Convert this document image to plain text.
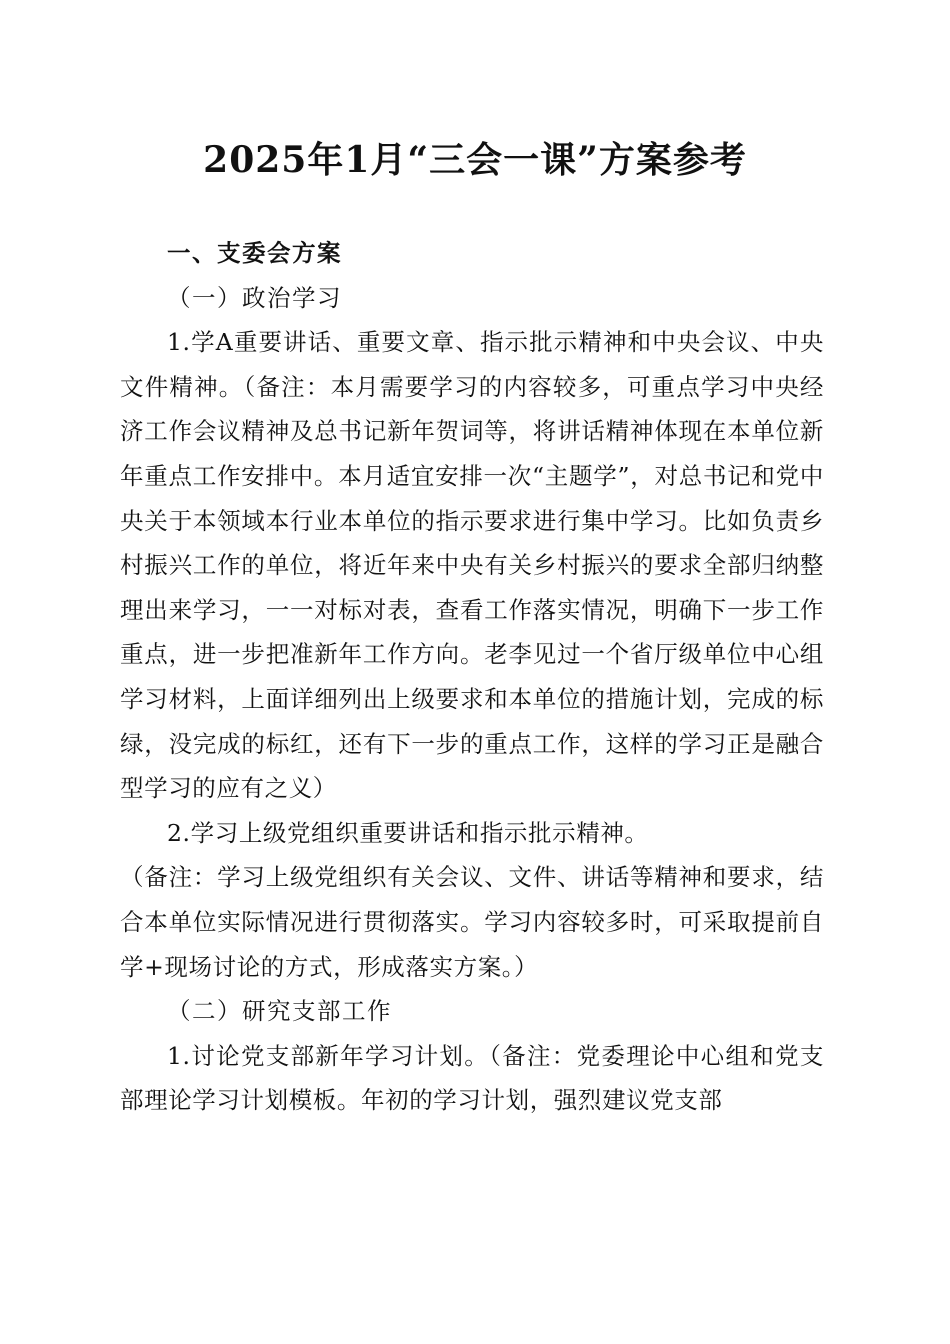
2025年1月“三会一课”方案参考

一、支委会方案

（一）政治学习

1.学A重要讲话、重要文章、指示批示精神和中央会议、中央文件精神。（备注：本月需要学习的内容较多，可重点学习中央经济工作会议精神及总书记新年贺词等，将讲话精神体现在本单位新年重点工作安排中。本月适宜安排一次“主题学”，对总书记和党中央关于本领域本行业本单位的指示要求进行集中学习。比如负责乡村振兴工作的单位，将近年来中央有关乡村振兴的要求全部归纳整理出来学习，一一对标对表，查看工作落实情况，明确下一步工作重点，进一步把准新年工作方向。老李见过一个省厅级单位中心组学习材料，上面详细列出上级要求和本单位的措施计划，完成的标绿，没完成的标红，还有下一步的重点工作，这样的学习正是融合型学习的应有之义）

2.学习上级党组织重要讲话和指示批示精神。

（备注：学习上级党组织有关会议、文件、讲话等精神和要求，结合本单位实际情况进行贯彻落实。学习内容较多时，可采取提前自学+现场讨论的方式，形成落实方案。）

（二）研究支部工作

1.讨论党支部新年学习计划。（备注：党委理论中心组和党支部理论学习计划模板。年初的学习计划，强烈建议党支部
